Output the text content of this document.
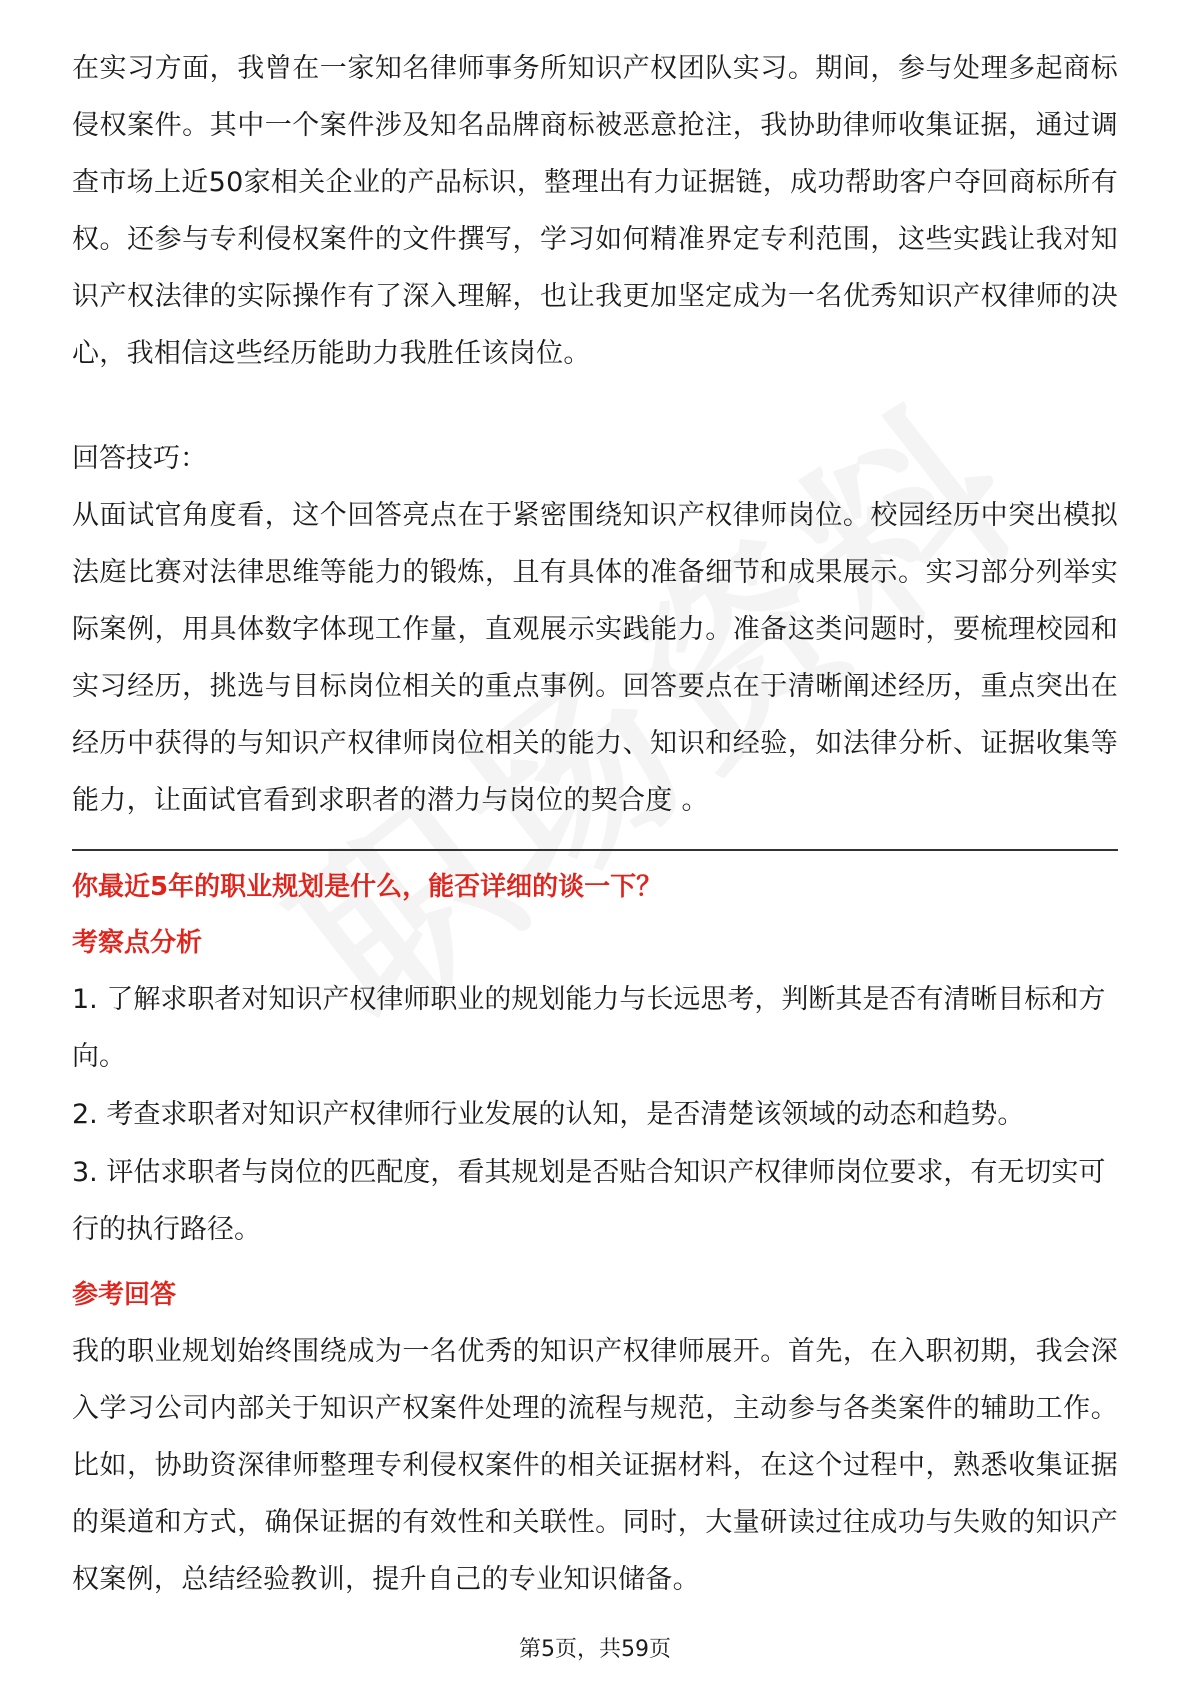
在实习方面，我曾在一家知名律师事务所知识产权团队实习。期间，参与处理多起商标侵权案件。其中一个案件涉及知名品牌商标被恶意抢注，我协助律师收集证据，通过调查市场上近50家相关企业的产品标识，整理出有力证据链，成功帮助客户夺回商标所有权。还参与专利侵权案件的文件撰写，学习如何精准界定专利范围，这些实践让我对知识产权法律的实际操作有了深入理解，也让我更加坚定成为一名优秀知识产权律师的决心，我相信这些经历能助力我胜任该岗位。

回答技巧：

从面试官角度看，这个回答亮点在于紧密围绕知识产权律师岗位。校园经历中突出模拟法庭比赛对法律思维等能力的锻炼，且有具体的准备细节和成果展示。实习部分列举实际案例，用具体数字体现工作量，直观展示实践能力。准备这类问题时，要梳理校园和实习经历，挑选与目标岗位相关的重点事例。回答要点在于清晰阐述经历，重点突出在经历中获得的与知识产权律师岗位相关的能力、知识和经验，如法律分析、证据收集等能力，让面试官看到求职者的潜力与岗位的契合度 。

你最近5年的职业规划是什么，能否详细的谈一下？

考察点分析

1. 了解求职者对知识产权律师职业的规划能力与长远思考，判断其是否有清晰目标和方向。

2. 考查求职者对知识产权律师行业发展的认知，是否清楚该领域的动态和趋势。

3. 评估求职者与岗位的匹配度，看其规划是否贴合知识产权律师岗位要求，有无切实可行的执行路径。

参考回答

我的职业规划始终围绕成为一名优秀的知识产权律师展开。首先，在入职初期，我会深入学习公司内部关于知识产权案件处理的流程与规范，主动参与各类案件的辅助工作。比如，协助资深律师整理专利侵权案件的相关证据材料，在这个过程中，熟悉收集证据的渠道和方式，确保证据的有效性和关联性。同时，大量研读过往成功与失败的知识产权案例，总结经验教训，提升自己的专业知识储备。

第5页，共59页
